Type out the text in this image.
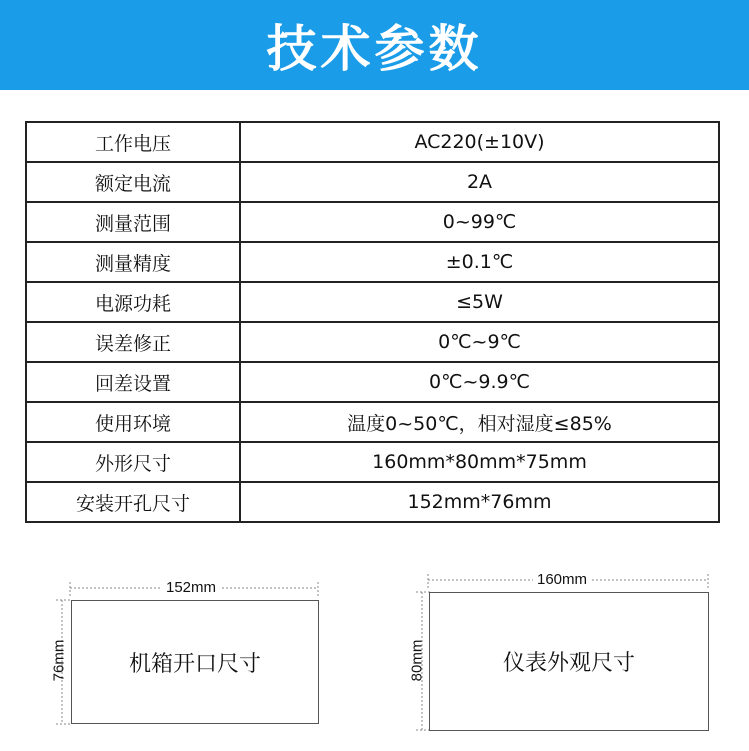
技术参数
工作电压	AC220(±10V)
额定电流	2A
测量范围	0~99℃
测量精度	±0.1℃
电源功耗	≤5W
误差修正	0℃~9℃
回差设置	0℃~9.9℃
使用环境	温度0~50℃，相对湿度≤85%
外形尺寸	160mm*80mm*75mm
安装开孔尺寸	152mm*76mm
152mm
76mm	机箱开口尺寸
160mm
80mm	仪表外观尺寸
